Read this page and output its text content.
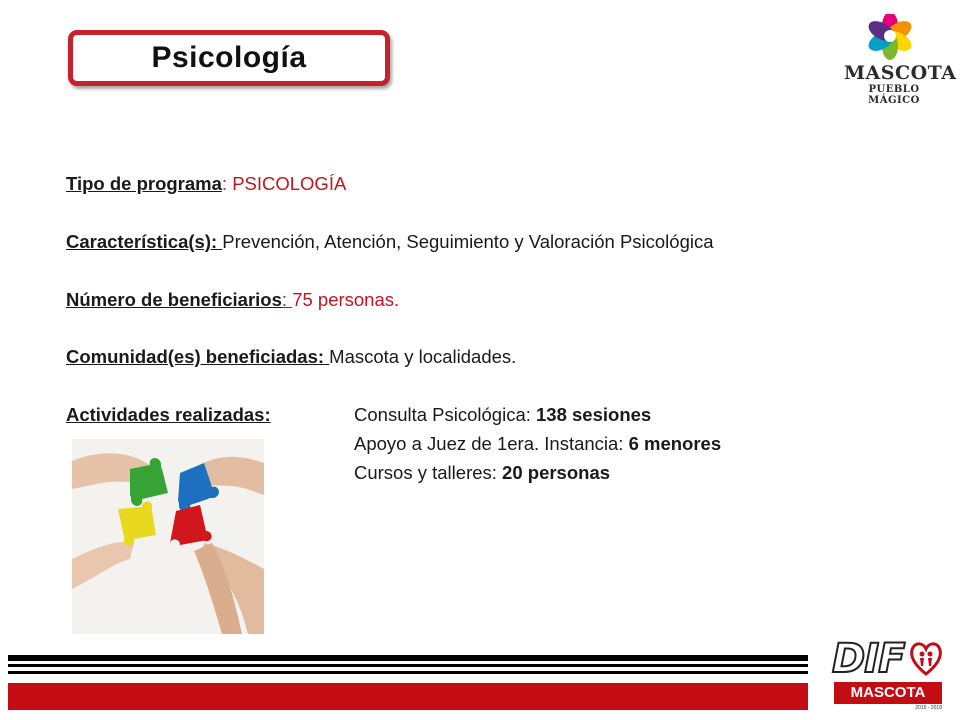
Psicología	MASCOTA
PUEBLO MÁGICO
Tipo de programa: PSICOLOGÍA
Característica(s): Prevención, Atención, Seguimiento y Valoración Psicológica
Número de beneficiarios: 75 personas.
Comunidad(es) beneficiadas: Mascota y localidades.
Actividades realizadas:	Consulta Psicológica: 138 sesiones
Apoyo a Juez de 1era. Instancia: 6 menores
Cursos y talleres: 20 personas
DIF
MASCOTA
2015 - 2018
